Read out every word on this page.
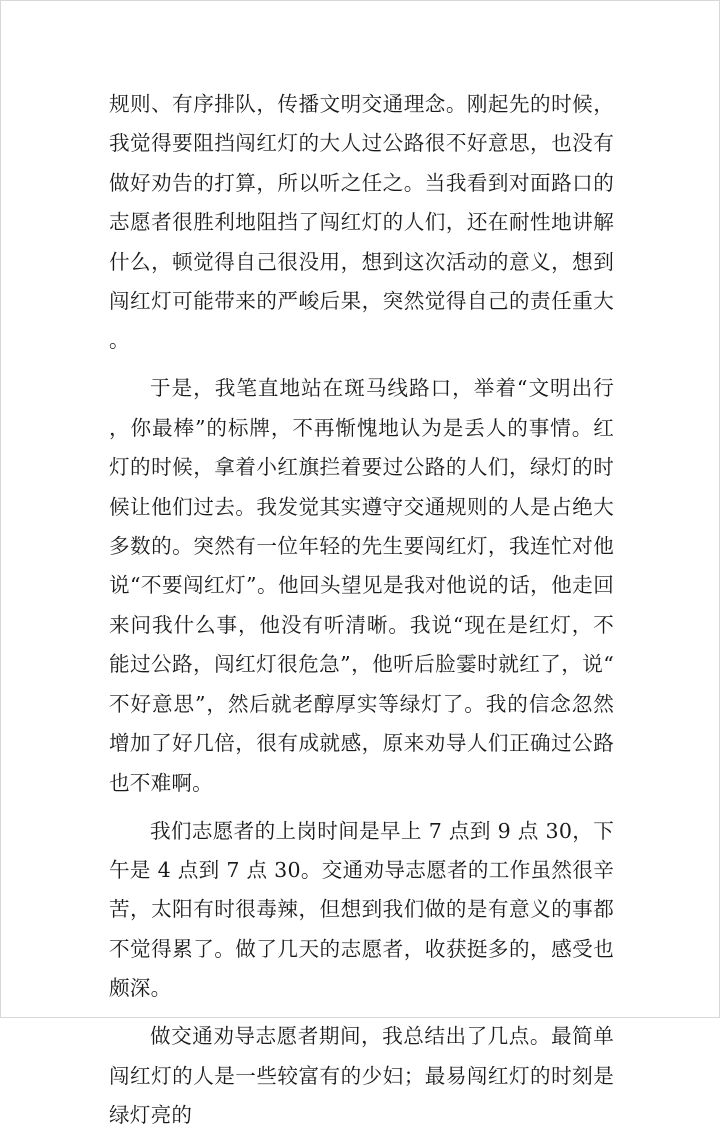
规则、有序排队，传播文明交通理念。刚起先的时候，我觉得要阻挡闯红灯的大人过公路很不好意思，也没有做好劝告的打算，所以听之任之。当我看到对面路口的志愿者很胜利地阻挡了闯红灯的人们，还在耐性地讲解什么，顿觉得自己很没用，想到这次活动的意义，想到闯红灯可能带来的严峻后果，突然觉得自己的责任重大。

于是，我笔直地站在斑马线路口，举着“文明出行，你最棒”的标牌，不再惭愧地认为是丢人的事情。红灯的时候，拿着小红旗拦着要过公路的人们，绿灯的时候让他们过去。我发觉其实遵守交通规则的人是占绝大多数的。突然有一位年轻的先生要闯红灯，我连忙对他说“不要闯红灯”。他回头望见是我对他说的话，他走回来问我什么事，他没有听清晰。我说“现在是红灯，不能过公路，闯红灯很危急”，他听后脸霎时就红了，说“不好意思”，然后就老醇厚实等绿灯了。我的信念忽然增加了好几倍，很有成就感，原来劝导人们正确过公路也不难啊。

我们志愿者的上岗时间是早上 7 点到 9 点 30，下午是 4 点到 7 点 30。交通劝导志愿者的工作虽然很辛苦，太阳有时很毒辣，但想到我们做的是有意义的事都不觉得累了。做了几天的志愿者，收获挺多的，感受也颇深。

做交通劝导志愿者期间，我总结出了几点。最简单闯红灯的人是一些较富有的少妇；最易闯红灯的时刻是绿灯亮的
